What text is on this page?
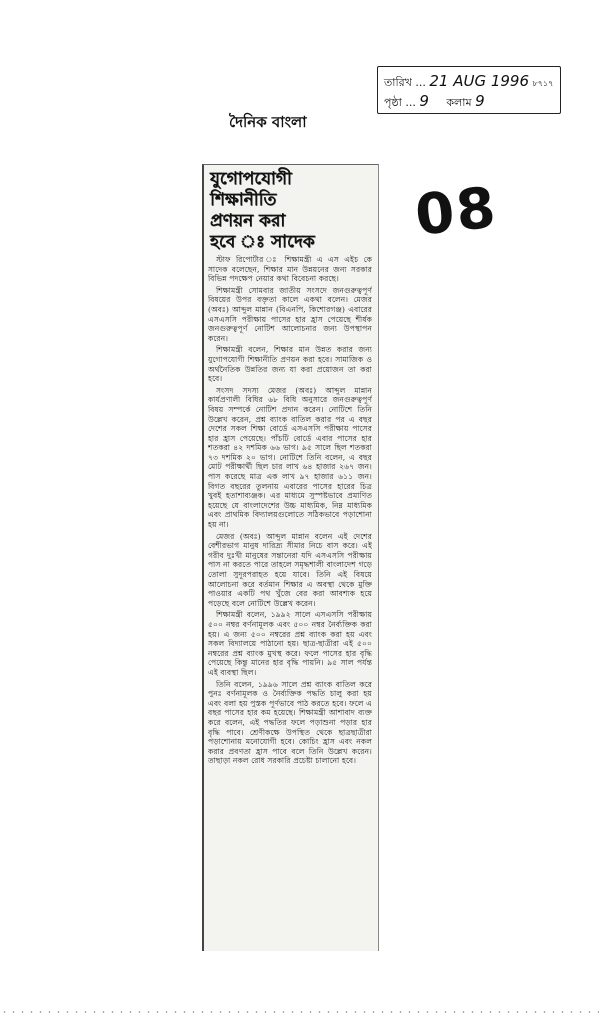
তারিখ ... 21 AUG 1996 ৮৭১৭
পৃষ্ঠা ... 9 কলাম 9
দৈনিক বাংলা
08
যুগোপযোগী
শিক্ষানীতি
প্রণয়ন করা
হবে ঃ সাদেক

স্টাফ রিপোর্টার ঃ শিক্ষামন্ত্রী এ এস এইচ কে সাদেক বলেছেন, শিক্ষার মান উন্নয়নের জন্য সরকার বিভিন্ন পদক্ষেপ নেয়ার কথা বিবেচনা করছে।

শিক্ষামন্ত্রী সোমবার জাতীয় সংসদে জনগুরুত্বপূর্ণ বিষয়ের উপর বক্তৃতা কালে একথা বলেন। মেজর (অবঃ) আব্দুল মান্নান (বিএনপি, কিশোরগঞ্জ) এবারের এসএসসি পরীক্ষায় পাসের হার হ্রাস পেয়েছে শীর্ষক জনগুরুত্বপূর্ণ নোটিশ আলোচনার জন্য উপস্থাপন করেন।

শিক্ষামন্ত্রী বলেন, শিক্ষার মান উন্নত করার জন্য যুগোপযোগী শিক্ষানীতি প্রণয়ন করা হবে। সামাজিক ও অর্থনৈতিক উন্নতির জন্য যা করা প্রয়োজন তা করা হবে।

সংসদ সদস্য মেজর (অবঃ) আব্দুল মান্নান কার্যপ্রণালী বিধির ৬৮ বিধি অনুসারে জনগুরুত্বপূর্ণ বিষয় সম্পর্কে নোটিশ প্রদান করেন। নোটিশে তিনি উল্লেখ করেন, প্রশ্ন ব্যাংক বাতিল করার পর এ বছর দেশের সকল শিক্ষা বোর্ডে এসএসসি পরীক্ষায় পাসের হার হ্রাস পেয়েছে। পাঁচটি বোর্ডে এবার পাসের হার শতকরা ৪২ দশমিক ৬৬ ভাগ। ৯৫ সালে ছিল শতকরা ৭৩ দশমিক ২০ ভাগ। নোটিশে তিনি বলেন, এ বছর মোট পরীক্ষার্থী ছিল চার লাখ ৬৪ হাজার ২৬৭ জন। পাস করেছে মাত্র এক লাখ ৯৭ হাজার ৬১১ জন। বিগত বছরের তুলনায় এবারের পাসের হারের চিত্র খুবই হতাশাব্যঞ্জক। এর মাধ্যমে সুস্পষ্টভাবে প্রমাণিত হয়েছে যে বাংলাদেশের উচ্চ মাধ্যমিক, নিম্ন মাধ্যমিক এবং প্রাথমিক বিদ্যালয়গুলোতে সঠিকভাবে পড়াশোনা হয় না।

মেজর (অবঃ) আব্দুল মান্নান বলেন এই দেশের বেশীরভাগ মানুষ দারিদ্র্য সীমার নিচে বাস করে। এই গরীব দুঃখী মানুষের সন্তানেরা যদি এসএসসি পরীক্ষায় পাস না করতে পারে তাহলে সমৃদ্ধশালী বাংলাদেশ গড়ে তোলা সুদূরপরাহত হয়ে যাবে। তিনি এই বিষয়ে আলোচনা করে বর্তমান শিক্ষার এ অবস্থা থেকে মুক্তি পাওয়ার একটি পথ খুঁজে বের করা আবশ্যক হয়ে পড়েছে বলে নোটিশে উল্লেখ করেন।

শিক্ষামন্ত্রী বলেন, ১৯৯২ সালে এসএসসি পরীক্ষায় ৫০০ নম্বর বর্ণনামূলক এবং ৫০০ নম্বর নৈর্ব্যক্তিক করা হয়। এ জন্য ৫০০ নম্বরের প্রশ্ন ব্যাংক করা হয় এবং সকল বিদ্যালয়ে পাঠানো হয়। ছাত্র-ছাত্রীরা এই ৫০০ নম্বরের প্রশ্ন ব্যাংক মুখস্থ করে। ফলে পাসের হার বৃদ্ধি পেয়েছে কিন্তু মানের হার বৃদ্ধি পায়নি। ৯৫ সাল পর্যন্ত এই ব্যবস্থা ছিল।

তিনি বলেন, ১৯৯৬ সালে প্রশ্ন ব্যাংক বাতিল করে পুনঃ বর্ণনামূলক ও নৈর্ব্যক্তিক পদ্ধতি চালু করা হয় এবং বলা হয় পুস্তক পূর্ণভাবে পাঠ করতে হবে। ফলে এ বছর পাসের হার কম হয়েছে। শিক্ষামন্ত্রী আশাবাদ ব্যক্ত করে বলেন, এই পদ্ধতির ফলে পড়াশুনা পড়ার হার বৃদ্ধি পাবে। শ্রেণীকক্ষে উপস্থিত থেকে ছাত্রছাত্রীরা পড়াশোনায় মনোযোগী হবে। কোচিং হ্রাস এবং নকল করার প্রবণতা হ্রাস পাবে বলে তিনি উল্লেখ করেন। তাছাড়া নকল রোধ সরকারি প্রচেষ্টা চালানো হবে।
